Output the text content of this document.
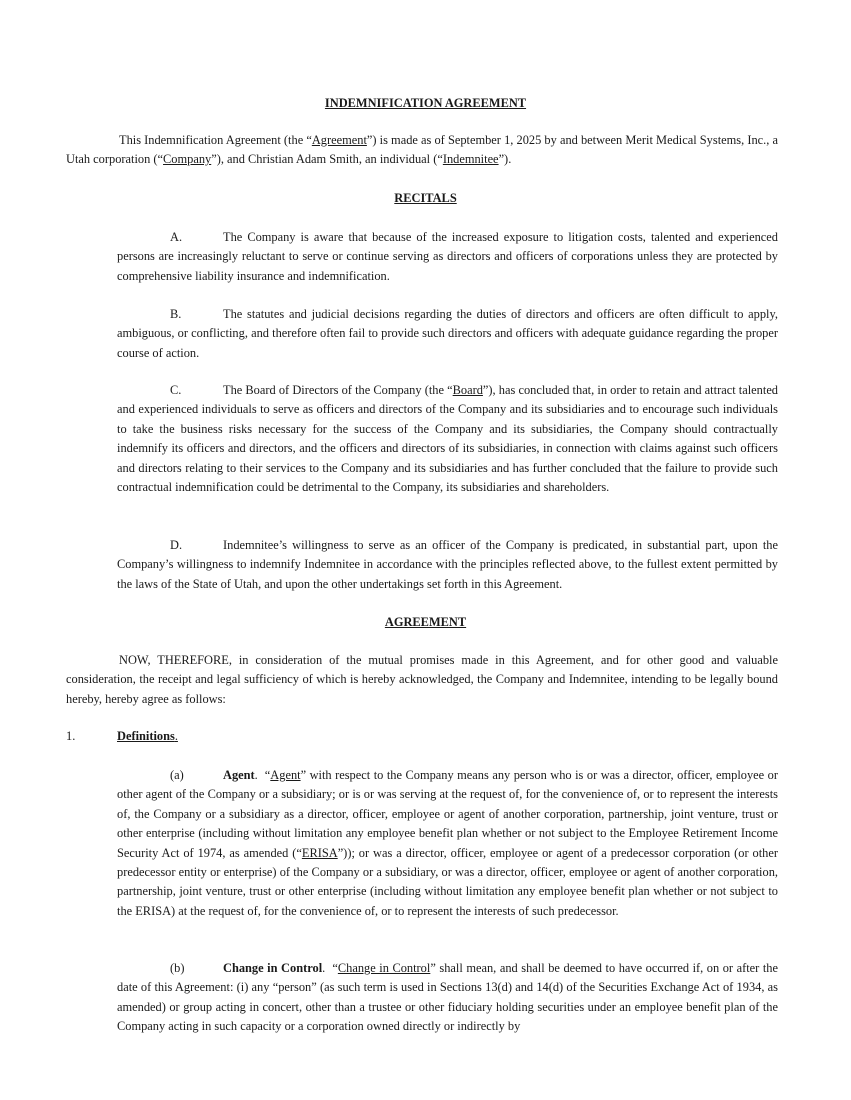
INDEMNIFICATION AGREEMENT
This Indemnification Agreement (the “Agreement”) is made as of September 1, 2025 by and between Merit Medical Systems, Inc., a Utah corporation (“Company”), and Christian Adam Smith, an individual (“Indemnitee”).
RECITALS
A.	The Company is aware that because of the increased exposure to litigation costs, talented and experienced persons are increasingly reluctant to serve or continue serving as directors and officers of corporations unless they are protected by comprehensive liability insurance and indemnification.
B.	The statutes and judicial decisions regarding the duties of directors and officers are often difficult to apply, ambiguous, or conflicting, and therefore often fail to provide such directors and officers with adequate guidance regarding the proper course of action.
C.	The Board of Directors of the Company (the “Board”), has concluded that, in order to retain and attract talented and experienced individuals to serve as officers and directors of the Company and its subsidiaries and to encourage such individuals to take the business risks necessary for the success of the Company and its subsidiaries, the Company should contractually indemnify its officers and directors, and the officers and directors of its subsidiaries, in connection with claims against such officers and directors relating to their services to the Company and its subsidiaries and has further concluded that the failure to provide such contractual indemnification could be detrimental to the Company, its subsidiaries and shareholders.
D.	Indemnitee’s willingness to serve as an officer of the Company is predicated, in substantial part, upon the Company’s willingness to indemnify Indemnitee in accordance with the principles reflected above, to the fullest extent permitted by the laws of the State of Utah, and upon the other undertakings set forth in this Agreement.
AGREEMENT
NOW, THEREFORE, in consideration of the mutual promises made in this Agreement, and for other good and valuable consideration, the receipt and legal sufficiency of which is hereby acknowledged, the Company and Indemnitee, intending to be legally bound hereby, hereby agree as follows:
1.	Definitions.
(a)	Agent. “Agent” with respect to the Company means any person who is or was a director, officer, employee or other agent of the Company or a subsidiary; or is or was serving at the request of, for the convenience of, or to represent the interests of, the Company or a subsidiary as a director, officer, employee or agent of another corporation, partnership, joint venture, trust or other enterprise (including without limitation any employee benefit plan whether or not subject to the Employee Retirement Income Security Act of 1974, as amended (“ERISA”)); or was a director, officer, employee or agent of a predecessor corporation (or other predecessor entity or enterprise) of the Company or a subsidiary, or was a director, officer, employee or agent of another corporation, partnership, joint venture, trust or other enterprise (including without limitation any employee benefit plan whether or not subject to the ERISA) at the request of, for the convenience of, or to represent the interests of such predecessor.
(b)	Change in Control. “Change in Control” shall mean, and shall be deemed to have occurred if, on or after the date of this Agreement: (i) any “person” (as such term is used in Sections 13(d) and 14(d) of the Securities Exchange Act of 1934, as amended) or group acting in concert, other than a trustee or other fiduciary holding securities under an employee benefit plan of the Company acting in such capacity or a corporation owned directly or indirectly by
